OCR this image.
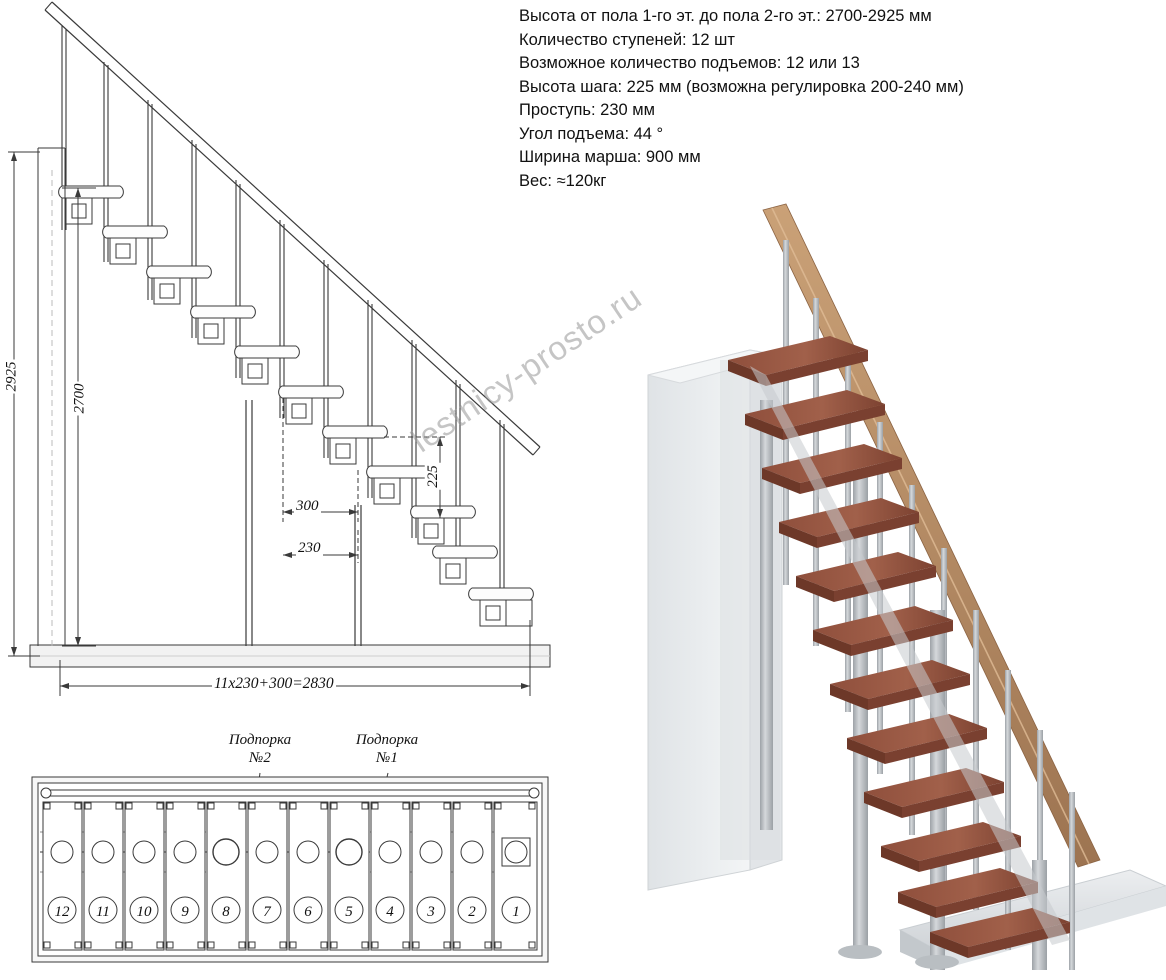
Высота от пола 1-го эт. до пола 2-го эт.: 2700-2925 мм
Количество ступеней: 12 шт
Возможное количество подъемов: 12 или 13
Высота шага: 225 мм (возможна регулировка 200-240 мм)
Проступь: 230 мм
Угол подъема: 44 °
Ширина марша: 900 мм
Вес: ≈120кг
2925
2700
225
300
230
11х230+300=2830
12 11 10 9 8 7 6 5 4 3 2 1
Подпорка
№2
Подпорка
№1
lestnicy-prosto.ru
